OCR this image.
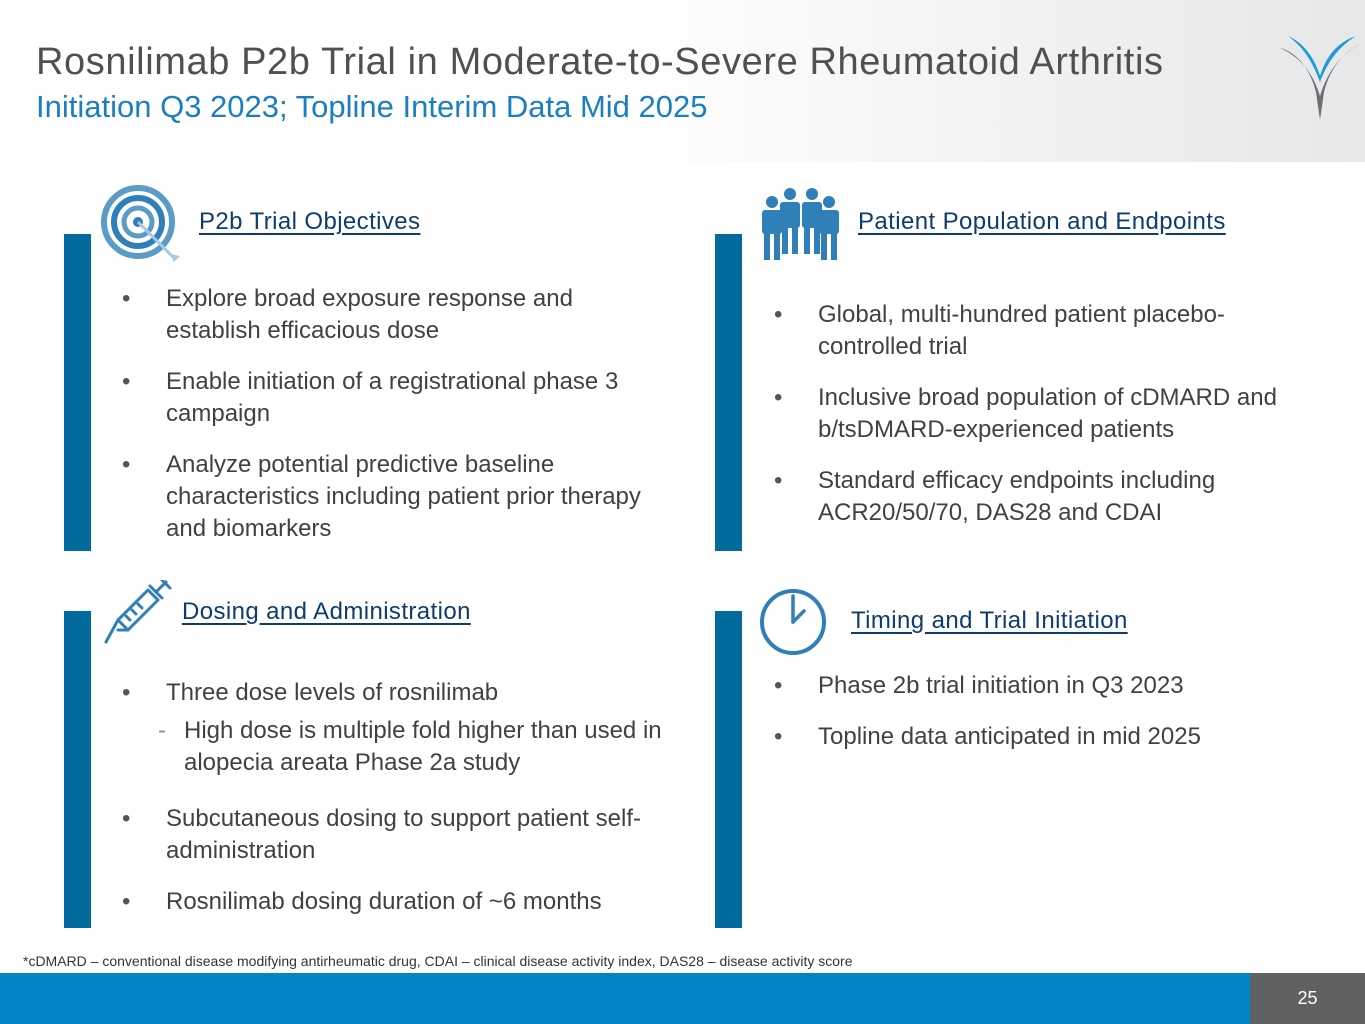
Rosnilimab P2b Trial in Moderate-to-Severe Rheumatoid Arthritis
Initiation Q3 2023; Topline Interim Data Mid 2025
P2b Trial Objectives
• Explore broad exposure response and establish efficacious dose
• Enable initiation of a registrational phase 3 campaign
• Analyze potential predictive baseline characteristics including patient prior therapy and biomarkers
Patient Population and Endpoints
• Global, multi-hundred patient placebo-controlled trial
• Inclusive broad population of cDMARD and b/tsDMARD-experienced patients
• Standard efficacy endpoints including ACR20/50/70, DAS28 and CDAI
Dosing and Administration
• Three dose levels of rosnilimab
- High dose is multiple fold higher than used in alopecia areata Phase 2a study
• Subcutaneous dosing to support patient self-administration
• Rosnilimab dosing duration of ~6 months
Timing and Trial Initiation
• Phase 2b trial initiation in Q3 2023
• Topline data anticipated in mid 2025
*cDMARD – conventional disease modifying antirheumatic drug, CDAI – clinical disease activity index, DAS28 – disease activity score
25
